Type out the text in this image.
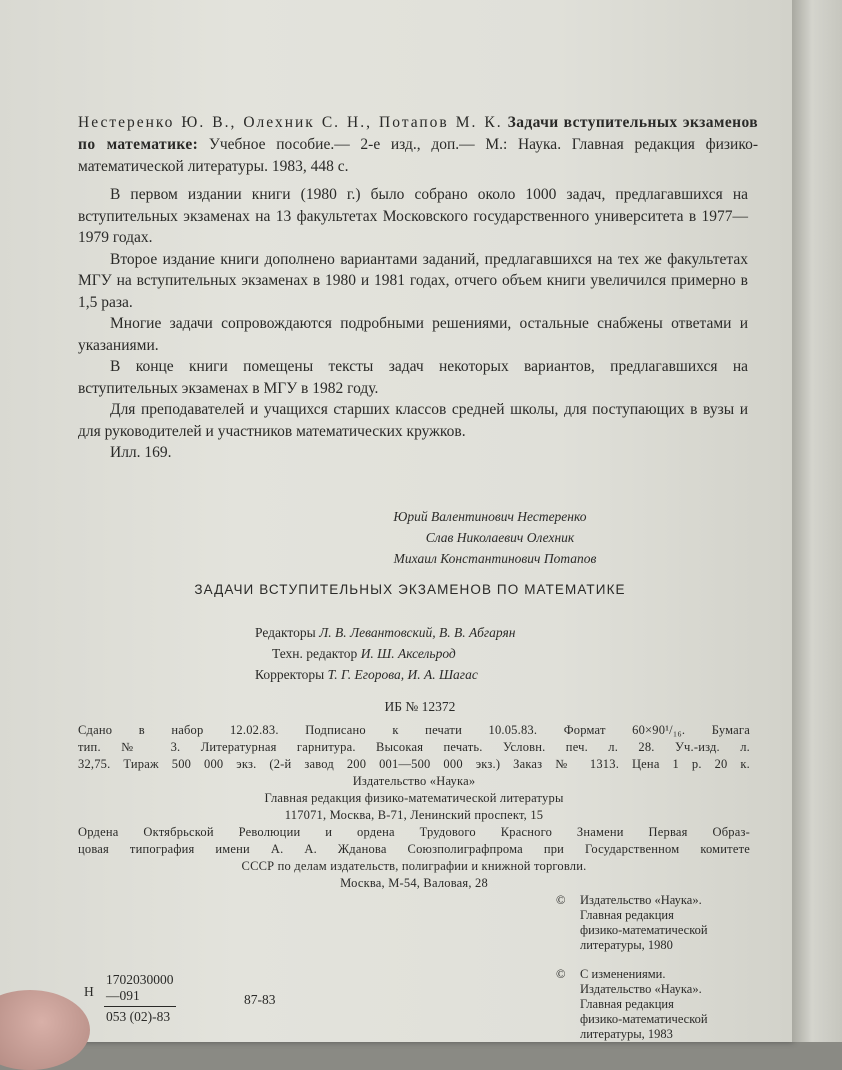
Нестеренко Ю. В., Олехник С. Н., Потапов М. К. Задачи вступительных экзаменов по математике: Учебное пособие.— 2-е изд., доп.— М.: Наука. Главная редакция физико-математической литературы. 1983, 448 с.

В первом издании книги (1980 г.) было собрано около 1000 задач, предлагавшихся на вступительных экзаменах на 13 факультетах Московского государственного университета в 1977—1979 годах.

Второе издание книги дополнено вариантами заданий, предлагавшихся на тех же факультетах МГУ на вступительных экзаменах в 1980 и 1981 годах, отчего объем книги увеличился примерно в 1,5 раза.

Многие задачи сопровождаются подробными решениями, остальные снабжены ответами и указаниями.

В конце книги помещены тексты задач некоторых вариантов, предлагавшихся на вступительных экзаменах в МГУ в 1982 году.

Для преподавателей и учащихся старших классов средней школы, для поступающих в вузы и для руководителей и участников математических кружков.

Илл. 169.

Юрий Валентинович Нестеренко
Слав Николаевич Олехник
Михаил Константинович Потапов
ЗАДАЧИ ВСТУПИТЕЛЬНЫХ ЭКЗАМЕНОВ ПО МАТЕМАТИКЕ
Редакторы Л. В. Левантовский, В. В. Абгарян
Техн. редактор И. Ш. Аксельрод
Корректоры Т. Г. Егорова, И. А. Шагас
ИБ № 12372
Сдано в набор 12.02.83. Подписано к печати 10.05.83. Формат 60×90¹/₁₆. Бумага
тип. № 3. Литературная гарнитура. Высокая печать. Условн. печ. л. 28. Уч.-изд. л.
32,75. Тираж 500 000 экз. (2-й завод 200 001—500 000 экз.) Заказ № 1313. Цена 1 р. 20 к.
Издательство «Наука»
Главная редакция физико-математической литературы
117071, Москва, В-71, Ленинский проспект, 15
Ордена Октябрьской Революции и ордена Трудового Красного Знамени Первая Образ-
цовая типография имени А. А. Жданова Союзполиграфпрома при Государственном комитете
СССР по делам издательств, полиграфии и книжной торговли.
Москва, М-54, Валовая, 28
© Издательство «Наука».
Главная редакция
физико-математической
литературы, 1980
© С изменениями.
Издательство «Наука».
Главная редакция
физико-математической
литературы, 1983
Н $\frac{1702030000—091}{053 (02)-83}$	87-83
